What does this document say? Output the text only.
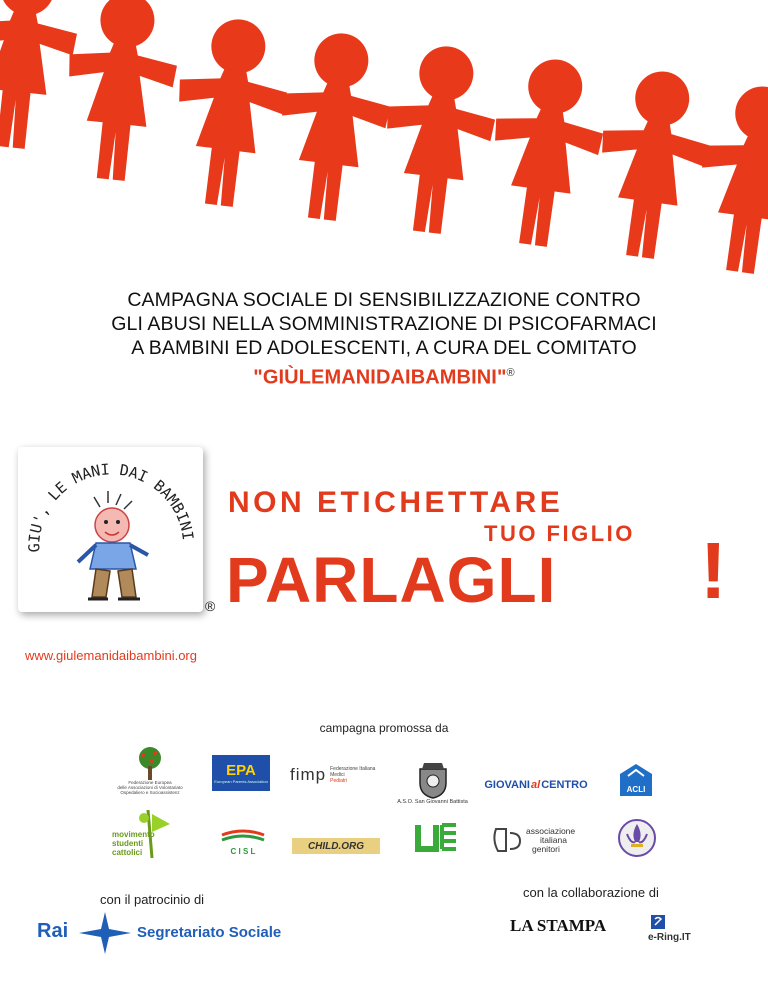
CAMPAGNA SOCIALE DI SENSIBILIZZAZIONE CONTRO
GLI ABUSI NELLA SOMMINISTRAZIONE DI PSICOFARMACI
A BAMBINI ED ADOLESCENTI, A CURA DEL COMITATO
"GIÙLEMANIDAIBAMBINI"®
GIU', LE MANI DAI BAMBINI
®
www.giulemanidaibambini.org
NON ETICHETTARE
TUO FIGLIO
PARLAGLI !
campagna promossa da
Federazione Europea
delle Associazioni di Volontariato
Ospedaliero e Socioassistenz
EPA
European Parents Association fimp Federazione Italiana
Medici
Pediatri
A.S.O. San Giovanni Battista
GIOVANI al CENTRO	ACLI
movimento
studenti
cattolici	C I S L	CHILD.ORG
associazione
italiana
genitori
con il patrocinio di
Rai	Segretariato Sociale
con la collaborazione di
LA STAMPA
e-Ring.IT
